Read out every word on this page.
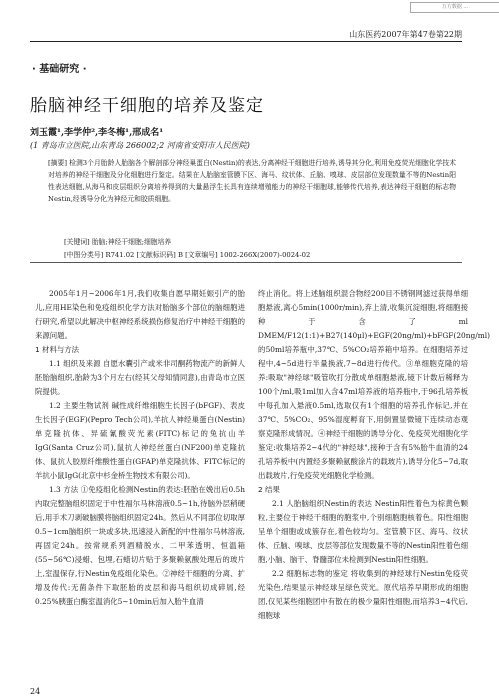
万方数据 ...
山东医药2007年第47卷第22期
· 基础研究 ·
胎脑神经干细胞的培养及鉴定
刘玉霞¹,李学仲²,李冬梅¹,邢成名¹
(1 青岛市立医院,山东青岛 266002;2 河南省安阳市人民医院)
[摘要] 检测3个月胎龄人胎脑各个解剖部分神经巢蛋白(Nestin)的表达,分离神经干细胞进行培养,诱导其分化,利用免疫荧光细胞化学技术对培养的神经干细胞及分化细胞进行鉴定。结果在人胎脑室管膜下区、海马、纹状体、丘脑、嗅球、皮层部位发现数量不等的Nestin阳性表达细胞,从海马和皮层组织分离培养得到的大量悬浮生长具有连续增殖能力的神经干细胞球,能够传代培养,表达神经干细胞的标志物Nestin,经诱导分化为神经元和胶质细胞。
[关键词] 胎脑;神经干细胞;细胞培养
[中图分类号] R741.02 [文献标识码] B [文章编号] 1002-266X(2007)-0024-02

2005年1月~2006年1月,我们收集自愿早期妊娠引产的胎儿,应用HE染色和免疫组织化学方法对胎脑多个部位的脑细胞进行研究,希望以此解决中枢神经系统损伤修复治疗中神经干细胞的来源问题。

1 材料与方法

1.1 组织及来源 自愿水囊引产或米非司酮药物流产的新鲜人胚胎脑组织,胎龄为3个月左右(经其父母知情同意),由青岛市立医院提供。

1.2 主要生物试剂 碱性成纤维细胞生长因子(bFGF)、表皮生长因子(EGF)(Pepro Tech公司),羊抗人神经巢蛋白(Nestin)单克隆抗体、异硫氰酸荧光素(FITC)标记的兔抗山羊IgG(Santa Cruz公司),鼠抗人神经丝蛋白(NF200)单克隆抗体、鼠抗人胶原纤维酸性蛋白(GFAP)单克隆抗体、FITC标记的羊抗小鼠IgG(北京中杉金桥生物技术有限公司)。

1.3 方法 ①免疫组化检测Nestin的表达:胚胎在娩出后0.5h内取完整脑组织固定于中性福尔马林溶液0.5~1h,待脑外层稍硬后,用手术刀剥破脑膜将脑组织固定24h。然后从不同部位切取厚0.5~1cm脑组织一块或多块,迅速浸入新配的中性福尔马林溶液,再固定24h。按常规系列酒精脱水、二甲苯透明、恒温箱(55~56℃)浸蜡、包埋,石蜡切片贴于多聚赖氨酸处理后的玻片上,室温保存,行Nestin免疫组化染色。②神经干细胞的分离、扩增及传代:无菌条件下取胚胎的皮层和海马组织切成碎屑,经0.25%胰蛋白酶室温消化5~10min后加入胎牛血清

终止消化。将上述脑组织混合物经200目不锈钢网滤过获得单细胞悬液,离心5min(1000r/min),弃上清,收集沉淀细胞,将细胞接种于含了ml DMEM/F12(1:1)+B27(140μl)+EGF(20ng/ml)+bFGF(20ng/ml)的50ml培养瓶中,37℃、5%CO₂培养箱中培养。在细胞培养过程中,4~5d进行半量换液,7~8d进行传代。③单细胞克隆的培养:吸取"神经球"吸管吹打分散成单细胞悬液,镜下计数后稀释为100个/ml,吸1ml加入含47ml培养液的培养瓶中,于96孔培养板中每孔加入悬液0.5ml,选取仅有1个细胞的培养孔作标记,并在37℃、5%CO₂、95%湿度孵育下,用倒置显微镜下连续动态观察克隆形成情况。④神经干细胞的诱导分化、免疫荧光细胞化学鉴定:收集培养2~4代的"神经球",接种于含有5%胎牛血清的24孔培养板中(内置经多聚赖氨酸涂片的载玻片),诱导分化5~7d,取出载玻片,行免疫荧光细胞化学检测。

2 结果

2.1 人胎脑组织Nestin的表达 Nestin阳性着色为棕黄色颗粒,主要位于神经干细胞的胞浆中,个别细胞胞核着色。阳性细胞呈单个细胞或成簇存在,着色较均匀。室管膜下区、海马、纹状体、丘脑、嗅球、皮层等部位发现数量不等的Nestin阳性着色细胞,小脑、脑干、脊髓部位未检测到Nestin阳性细胞。

2.2 细胞标志物的鉴定 将收集到的神经球行Nestin免疫荧光染色,结果显示神经球呈绿色荧光。原代培养早期形成的细胞团,仅见某些细胞团中有散在的极少量阳性细胞,而培养3~4代后,细胞球

24
